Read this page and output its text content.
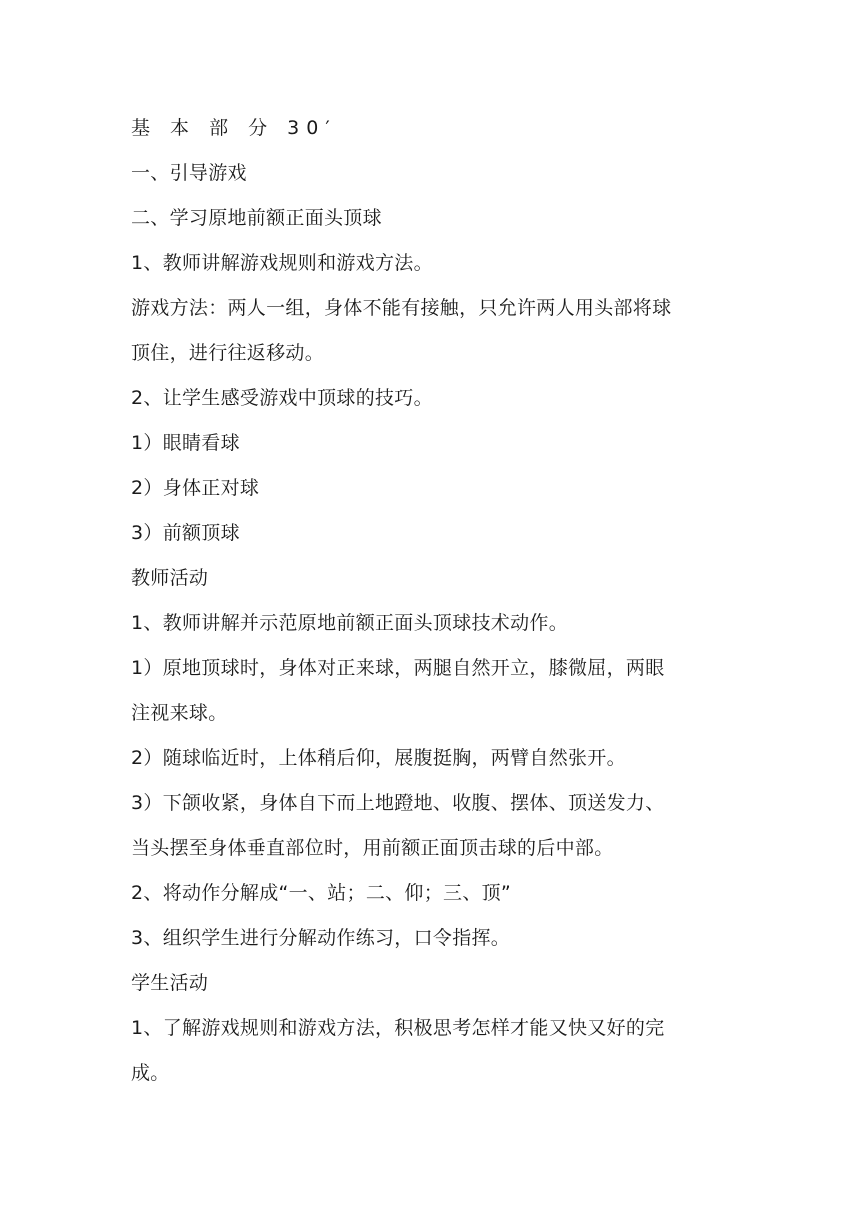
基 本 部 分 30′
一、引导游戏
二、学习原地前额正面头顶球
1、教师讲解游戏规则和游戏方法。
游戏方法：两人一组，身体不能有接触，只允许两人用头部将球
顶住，进行往返移动。
2、让学生感受游戏中顶球的技巧。
1）眼睛看球
2）身体正对球
3）前额顶球
教师活动
1、教师讲解并示范原地前额正面头顶球技术动作。
1）原地顶球时，身体对正来球，两腿自然开立，膝微屈，两眼
注视来球。
2）随球临近时，上体稍后仰，展腹挺胸，两臂自然张开。
3）下颌收紧，身体自下而上地蹬地、收腹、摆体、顶送发力、
当头摆至身体垂直部位时，用前额正面顶击球的后中部。
2、将动作分解成“一、站；二、仰；三、顶”
3、组织学生进行分解动作练习，口令指挥。
学生活动
1、了解游戏规则和游戏方法，积极思考怎样才能又快又好的完
成。
